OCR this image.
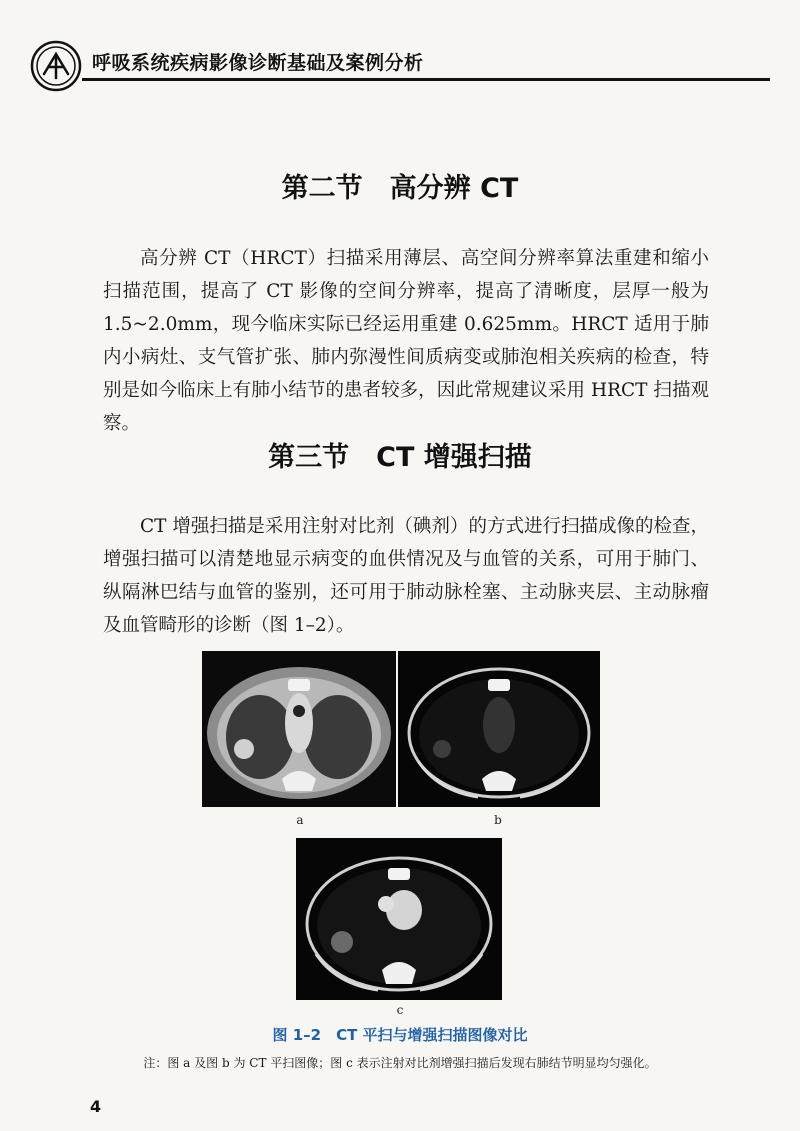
呼吸系统疾病影像诊断基础及案例分析
第二节　高分辨 CT
高分辨 CT（HRCT）扫描采用薄层、高空间分辨率算法重建和缩小扫描范围，提高了 CT 影像的空间分辨率，提高了清晰度，层厚一般为 1.5~2.0mm，现今临床实际已经运用重建 0.625mm。HRCT 适用于肺内小病灶、支气管扩张、肺内弥漫性间质病变或肺泡相关疾病的检查，特别是如今临床上有肺小结节的患者较多，因此常规建议采用 HRCT 扫描观察。
第三节　CT 增强扫描
CT 增强扫描是采用注射对比剂（碘剂）的方式进行扫描成像的检查，增强扫描可以清楚地显示病变的血供情况及与血管的关系，可用于肺门、纵隔淋巴结与血管的鉴别，还可用于肺动脉栓塞、主动脉夹层、主动脉瘤及血管畸形的诊断（图 1–2）。
a	b
c
图 1–2　CT 平扫与增强扫描图像对比
注：图 a 及图 b 为 CT 平扫图像；图 c 表示注射对比剂增强扫描后发现右肺结节明显均匀强化。
4
